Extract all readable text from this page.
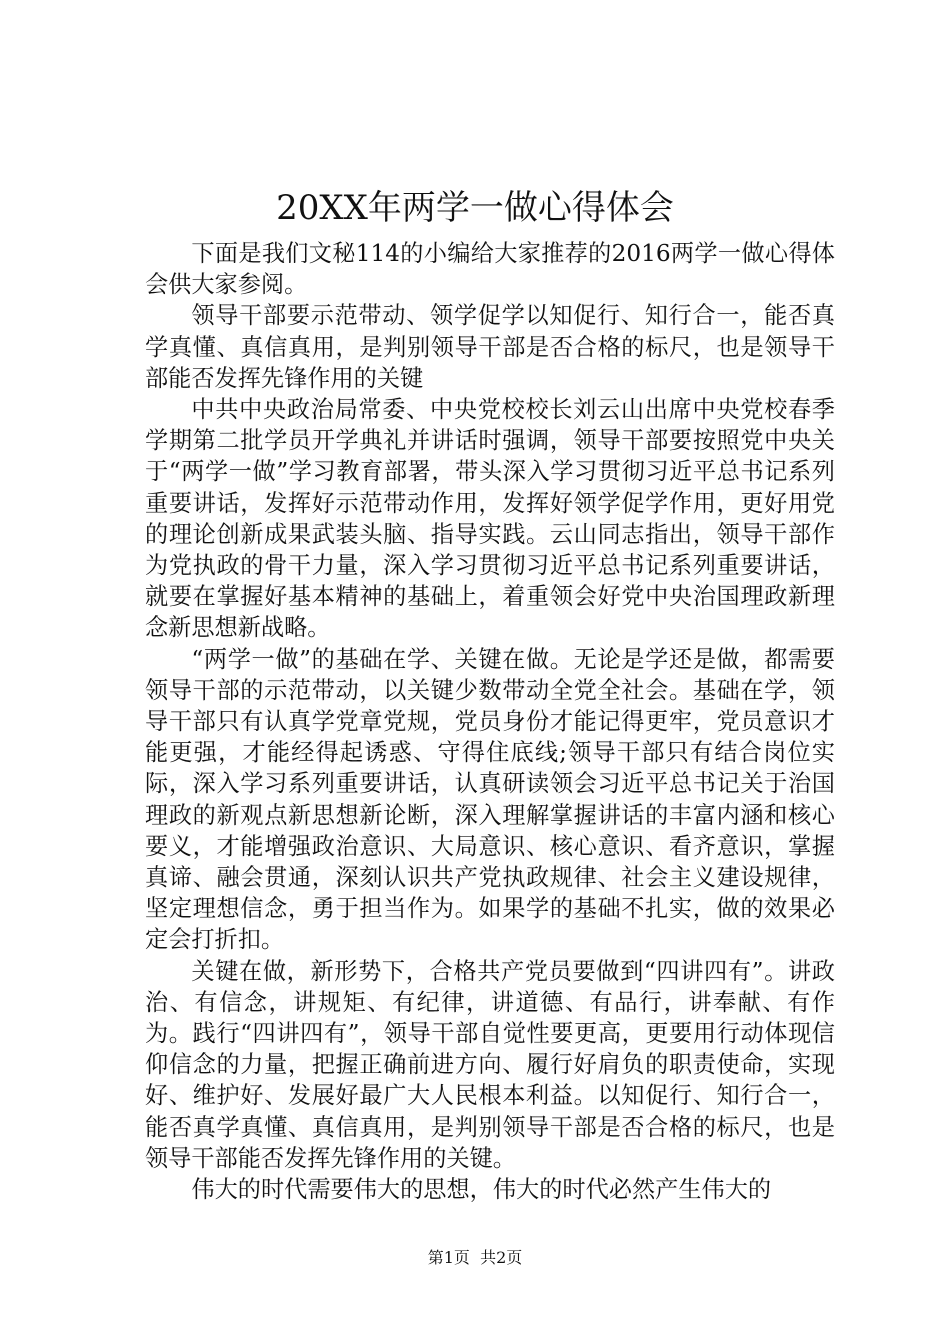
20XX年两学一做心得体会

下面是我们文秘114的小编给大家推荐的2016两学一做心得体会供大家参阅。

领导干部要示范带动、领学促学以知促行、知行合一，能否真学真懂、真信真用，是判别领导干部是否合格的标尺，也是领导干部能否发挥先锋作用的关键

中共中央政治局常委、中央党校校长刘云山出席中央党校春季学期第二批学员开学典礼并讲话时强调，领导干部要按照党中央关于“两学一做”学习教育部署，带头深入学习贯彻习近平总书记系列重要讲话，发挥好示范带动作用，发挥好领学促学作用，更好用党的理论创新成果武装头脑、指导实践。云山同志指出，领导干部作为党执政的骨干力量，深入学习贯彻习近平总书记系列重要讲话，就要在掌握好基本精神的基础上，着重领会好党中央治国理政新理念新思想新战略。

“两学一做”的基础在学、关键在做。无论是学还是做，都需要领导干部的示范带动，以关键少数带动全党全社会。基础在学，领导干部只有认真学党章党规，党员身份才能记得更牢，党员意识才能更强，才能经得起诱惑、守得住底线;领导干部只有结合岗位实际，深入学习系列重要讲话，认真研读领会习近平总书记关于治国理政的新观点新思想新论断，深入理解掌握讲话的丰富内涵和核心要义，才能增强政治意识、大局意识、核心意识、看齐意识，掌握真谛、融会贯通，深刻认识共产党执政规律、社会主义建设规律，坚定理想信念，勇于担当作为。如果学的基础不扎实，做的效果必定会打折扣。

关键在做，新形势下，合格共产党员要做到“四讲四有”。讲政治、有信念，讲规矩、有纪律，讲道德、有品行，讲奉献、有作为。践行“四讲四有”，领导干部自觉性要更高，更要用行动体现信仰信念的力量，把握正确前进方向、履行好肩负的职责使命，实现好、维护好、发展好最广大人民根本利益。以知促行、知行合一，能否真学真懂、真信真用，是判别领导干部是否合格的标尺，也是领导干部能否发挥先锋作用的关键。

伟大的时代需要伟大的思想，伟大的时代必然产生伟大的

第1页 共2页
